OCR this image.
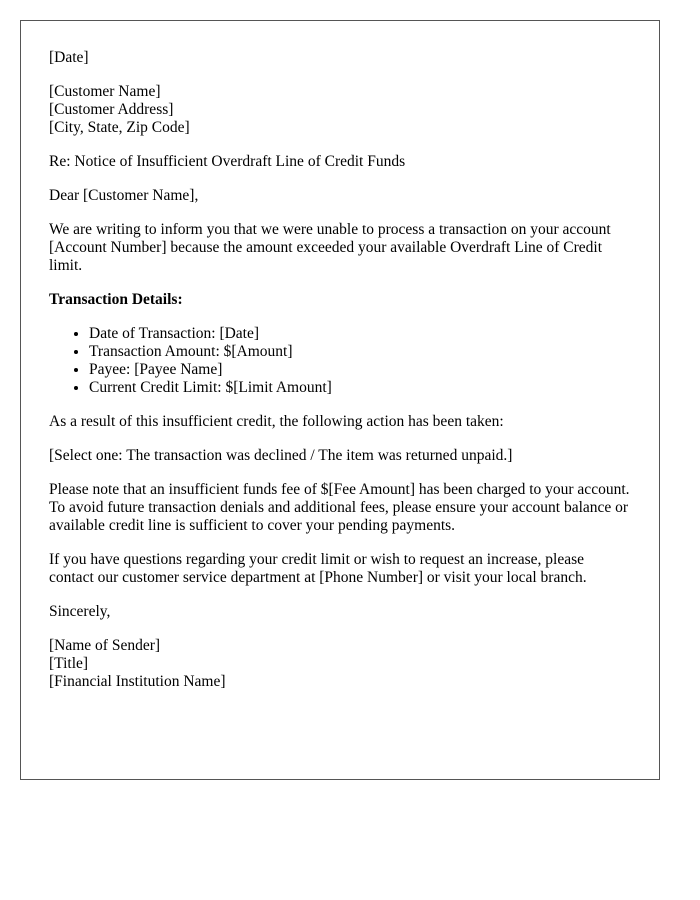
[Date]

[Customer Name]
[Customer Address]
[City, State, Zip Code]

Re: Notice of Insufficient Overdraft Line of Credit Funds

Dear [Customer Name],

We are writing to inform you that we were unable to process a transaction on your account [Account Number] because the amount exceeded your available Overdraft Line of Credit limit.

Transaction Details:

• Date of Transaction: [Date]
• Transaction Amount: $[Amount]
• Payee: [Payee Name]
• Current Credit Limit: $[Limit Amount]

As a result of this insufficient credit, the following action has been taken:

[Select one: The transaction was declined / The item was returned unpaid.]

Please note that an insufficient funds fee of $[Fee Amount] has been charged to your account. To avoid future transaction denials and additional fees, please ensure your account balance or available credit line is sufficient to cover your pending payments.

If you have questions regarding your credit limit or wish to request an increase, please contact our customer service department at [Phone Number] or visit your local branch.

Sincerely,

[Name of Sender]
[Title]
[Financial Institution Name]
